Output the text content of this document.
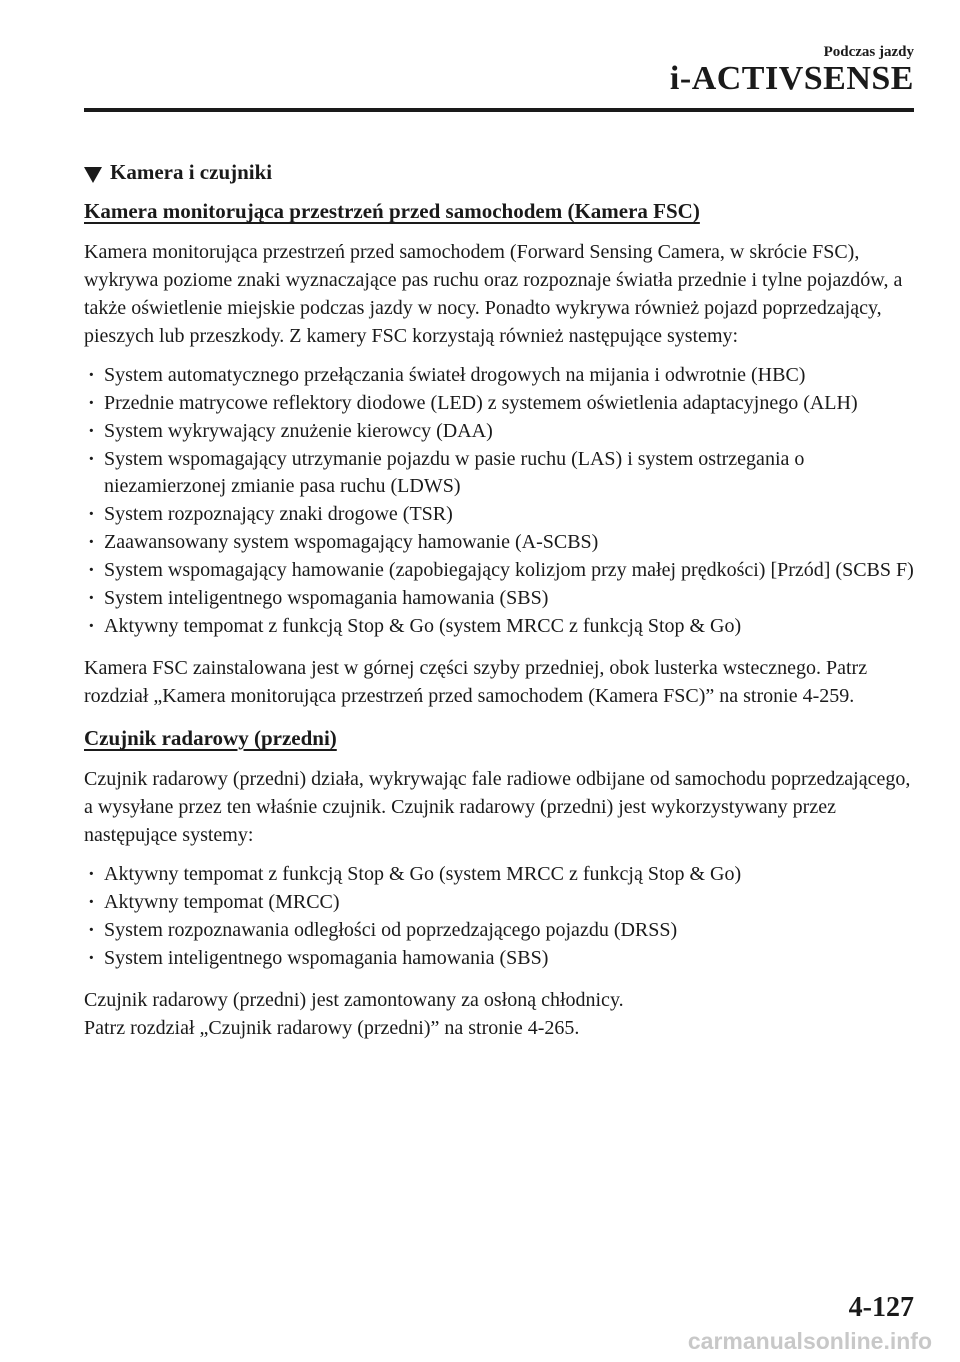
Podczas jazdy
i-ACTIVSENSE
Kamera i czujniki
Kamera monitorująca przestrzeń przed samochodem (Kamera FSC)

Kamera monitorująca przestrzeń przed samochodem (Forward Sensing Camera, w skrócie FSC), wykrywa poziome znaki wyznaczające pas ruchu oraz rozpoznaje światła przednie i tylne pojazdów, a także oświetlenie miejskie podczas jazdy w nocy. Ponadto wykrywa również pojazd poprzedzający, pieszych lub przeszkody. Z kamery FSC korzystają również następujące systemy:

· System automatycznego przełączania świateł drogowych na mijania i odwrotnie (HBC)
· Przednie matrycowe reflektory diodowe (LED) z systemem oświetlenia adaptacyjnego (ALH)
· System wykrywający znużenie kierowcy (DAA)
· System wspomagający utrzymanie pojazdu w pasie ruchu (LAS) i system ostrzegania o niezamierzonej zmianie pasa ruchu (LDWS)
· System rozpoznający znaki drogowe (TSR)
· Zaawansowany system wspomagający hamowanie (A-SCBS)
· System wspomagający hamowanie (zapobiegający kolizjom przy małej prędkości) [Przód] (SCBS F)
· System inteligentnego wspomagania hamowania (SBS)
· Aktywny tempomat z funkcją Stop & Go (system MRCC z funkcją Stop & Go)

Kamera FSC zainstalowana jest w górnej części szyby przedniej, obok lusterka wstecznego. Patrz rozdział „Kamera monitorująca przestrzeń przed samochodem (Kamera FSC)” na stronie 4-259.

Czujnik radarowy (przedni)

Czujnik radarowy (przedni) działa, wykrywając fale radiowe odbijane od samochodu poprzedzającego, a wysyłane przez ten właśnie czujnik. Czujnik radarowy (przedni) jest wykorzystywany przez następujące systemy:

· Aktywny tempomat z funkcją Stop & Go (system MRCC z funkcją Stop & Go)
· Aktywny tempomat (MRCC)
· System rozpoznawania odległości od poprzedzającego pojazdu (DRSS)
· System inteligentnego wspomagania hamowania (SBS)

Czujnik radarowy (przedni) jest zamontowany za osłoną chłodnicy.
Patrz rozdział „Czujnik radarowy (przedni)” na stronie 4-265.

4-127
carmanualsonline.info
